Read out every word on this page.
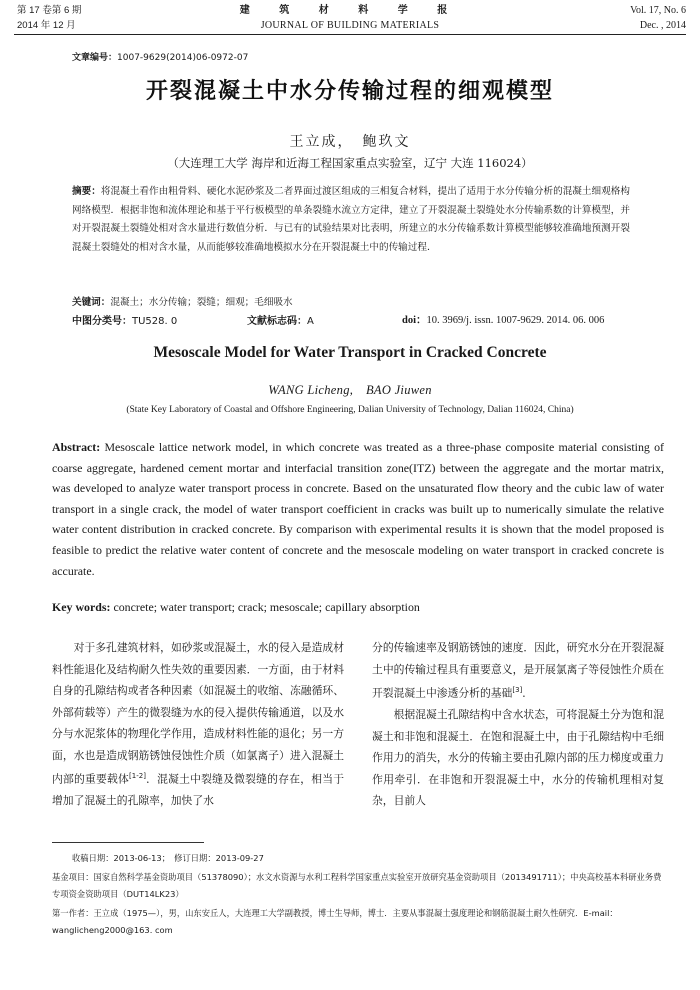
第 17 卷第 6 期
2014 年 12 月
建 筑 材 料 学 报
JOURNAL OF BUILDING MATERIALS
Vol. 17, No. 6
Dec. , 2014
文章编号：1007-9629(2014)06-0972-07
开裂混凝土中水分传输过程的细观模型
王立成，　鲍玖文
（大连理工大学 海岸和近海工程国家重点实验室，辽宁 大连 116024）
摘要：将混凝土看作由粗骨料、硬化水泥砂浆及二者界面过渡区组成的三相复合材料，提出了适用于水分传输分析的混凝土细观格构网络模型．根据非饱和流体理论和基于平行板模型的单条裂缝水流立方定律，建立了开裂混凝土裂缝处水分传输系数的计算模型，并对开裂混凝土裂缝处相对含水量进行数值分析．与已有的试验结果对比表明，所建立的水分传输系数计算模型能够较准确地预测开裂混凝土裂缝处的相对含水量，从而能够较准确地模拟水分在开裂混凝土中的传输过程．
关键词：混凝土；水分传输；裂缝；细观；毛细吸水
中图分类号：TU528. 0	文献标志码：A	doi：10. 3969/j. issn. 1007-9629. 2014. 06. 006
Mesoscale Model for Water Transport in Cracked Concrete
WANG Licheng,　BAO Jiuwen
(State Key Laboratory of Coastal and Offshore Engineering, Dalian University of Technology, Dalian 116024, China)
Abstract: Mesoscale lattice network model, in which concrete was treated as a three-phase composite material consisting of coarse aggregate, hardened cement mortar and interfacial transition zone(ITZ) between the aggregate and the mortar matrix, was developed to analyze water transport process in concrete. Based on the unsaturated flow theory and the cubic law of water transport in a single crack, the model of water transport coefficient in cracks was built up to numerically simulate the relative water content distribution in cracked concrete. By comparison with experimental results it is shown that the model proposed is feasible to predict the relative water content of concrete and the mesoscale modeling on water transport in cracked concrete is accurate.
Key words: concrete; water transport; crack; mesoscale; capillary absorption

对于多孔建筑材料，如砂浆或混凝土，水的侵入是造成材料性能退化及结构耐久性失效的重要因素．一方面，由于材料自身的孔隙结构或者各种因素（如混凝土的收缩、冻融循环、外部荷载等）产生的微裂缝为水的侵入提供传输通道，以及水分与水泥浆体的物理化学作用，造成材料性能的退化；另一方面，水也是造成钢筋锈蚀侵蚀性介质（如氯离子）进入混凝土内部的重要载体[1-2]．混凝土中裂缝及微裂缝的存在，相当于增加了混凝土的孔隙率，加快了水

分的传输速率及钢筋锈蚀的速度．因此，研究水分在开裂混凝土中的传输过程具有重要意义，是开展氯离子等侵蚀性介质在开裂混凝土中渗透分析的基础[3]．

根据混凝土孔隙结构中含水状态，可将混凝土分为饱和混凝土和非饱和混凝土．在饱和混凝土中，由于孔隙结构中毛细作用力的消失，水分的传输主要由孔隙内部的压力梯度或重力作用牵引．在非饱和开裂混凝土中，水分的传输机理相对复杂，目前人

收稿日期：2013-06-13；　修订日期：2013-09-27
基金项目：国家自然科学基金资助项目（51378090）；水文水资源与水利工程科学国家重点实验室开放研究基金资助项目（2013491711）；中央高校基本科研业务费专项资金资助项目（DUT14LK23）
第一作者：王立成（1975—），男，山东安丘人，大连理工大学副教授，博士生导师，博士．主要从事混凝土强度理论和钢筋混凝土耐久性研究．E-mail：wanglicheng2000@163. com
